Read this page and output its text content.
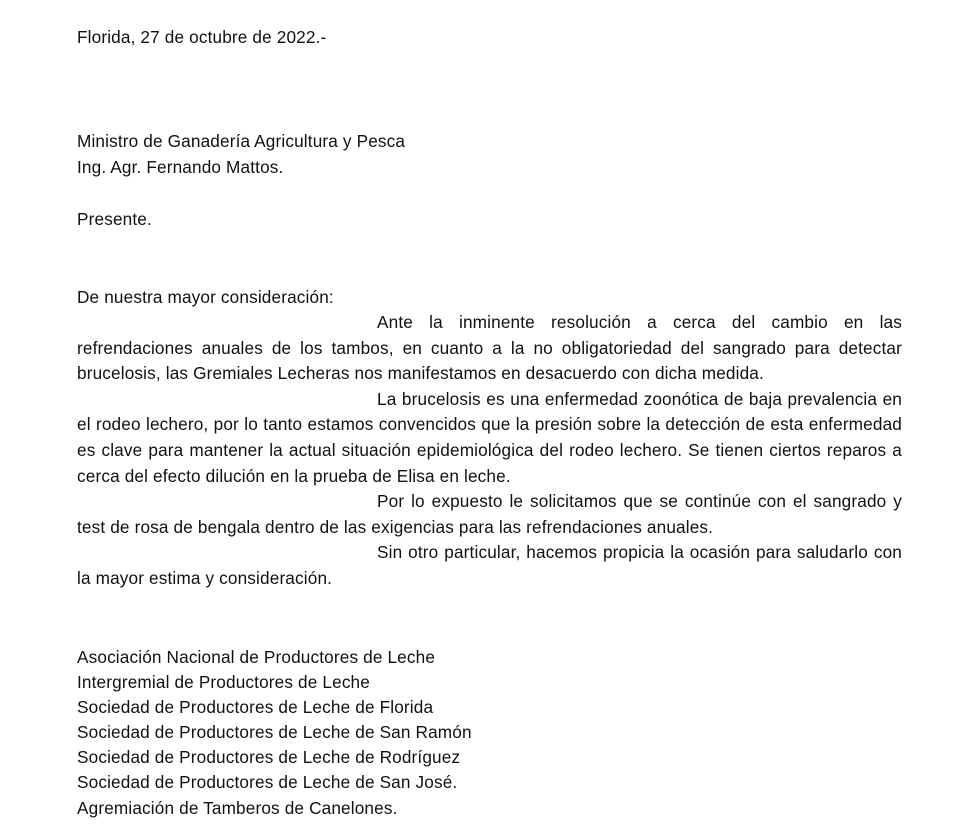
Florida, 27 de octubre de 2022.-
Ministro de Ganadería Agricultura y Pesca
Ing. Agr. Fernando Mattos.
Presente.
De nuestra mayor consideración:

Ante la inminente resolución a cerca del cambio en las refrendaciones anuales de los tambos, en cuanto a la no obligatoriedad del sangrado para detectar brucelosis, las Gremiales Lecheras nos manifestamos en desacuerdo con dicha medida.

La brucelosis es una enfermedad zoonótica de baja prevalencia en el rodeo lechero, por lo tanto estamos convencidos que la presión sobre la detección de esta enfermedad es clave para mantener la actual situación epidemiológica del rodeo lechero. Se tienen ciertos reparos a cerca del efecto dilución en la prueba de Elisa en leche.

Por lo expuesto le solicitamos que se continúe con el sangrado y test de rosa de bengala dentro de las exigencias para las refrendaciones anuales.

Sin otro particular, hacemos propicia la ocasión para saludarlo con la mayor estima y consideración.

Asociación Nacional de Productores de Leche
Intergremial de Productores de Leche
Sociedad de Productores de Leche de Florida
Sociedad de Productores de Leche de San Ramón
Sociedad de Productores de Leche de Rodríguez
Sociedad de Productores de Leche de San José.
Agremiación de Tamberos de Canelones.
